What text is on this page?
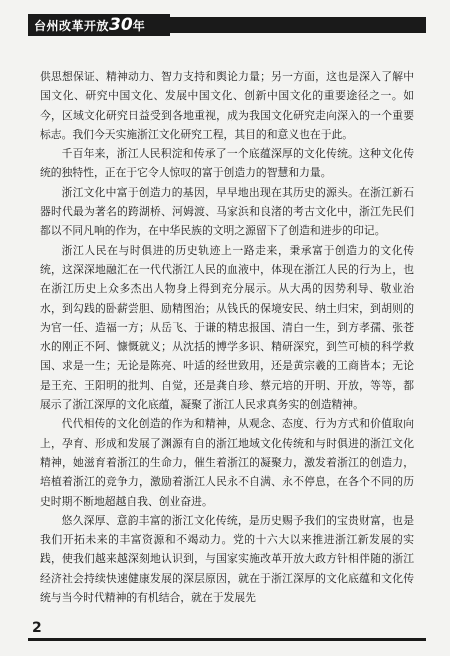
台州改革开放30年

供思想保证、精神动力、智力支持和舆论力量；另一方面，这也是深入了解中国文化、研究中国文化、发展中国文化、创新中国文化的重要途径之一。如今，区域文化研究日益受到各地重视，成为我国文化研究走向深入的一个重要标志。我们今天实施浙江文化研究工程，其目的和意义也在于此。

千百年来，浙江人民积淀和传承了一个底蕴深厚的文化传统。这种文化传统的独特性，正在于它令人惊叹的富于创造力的智慧和力量。

浙江文化中富于创造力的基因，早早地出现在其历史的源头。在浙江新石器时代最为著名的跨湖桥、河姆渡、马家浜和良渚的考古文化中，浙江先民们都以不同凡响的作为，在中华民族的文明之源留下了创造和进步的印记。

浙江人民在与时俱进的历史轨迹上一路走来，秉承富于创造力的文化传统，这深深地融汇在一代代浙江人民的血液中，体现在浙江人民的行为上，也在浙江历史上众多杰出人物身上得到充分展示。从大禹的因势利导、敬业治水，到勾践的卧薪尝胆、励精图治；从钱氏的保境安民、纳土归宋，到胡则的为官一任、造福一方；从岳飞、于谦的精忠报国、清白一生，到方孝孺、张苍水的刚正不阿、慷慨就义；从沈括的博学多识、精研深究，到竺可桢的科学救国、求是一生；无论是陈亮、叶适的经世致用，还是黄宗羲的工商皆本；无论是王充、王阳明的批判、自觉，还是龚自珍、蔡元培的开明、开放，等等，都展示了浙江深厚的文化底蕴，凝聚了浙江人民求真务实的创造精神。

代代相传的文化创造的作为和精神，从观念、态度、行为方式和价值取向上，孕育、形成和发展了渊源有自的浙江地域文化传统和与时俱进的浙江文化精神，她滋育着浙江的生命力，催生着浙江的凝聚力，激发着浙江的创造力，培植着浙江的竞争力，激励着浙江人民永不自满、永不停息，在各个不同的历史时期不断地超越自我、创业奋进。

悠久深厚、意韵丰富的浙江文化传统，是历史赐予我们的宝贵财富，也是我们开拓未来的丰富资源和不竭动力。党的十六大以来推进浙江新发展的实践，使我们越来越深刻地认识到，与国家实施改革开放大政方针相伴随的浙江经济社会持续快速健康发展的深层原因，就在于浙江深厚的文化底蕴和文化传统与当今时代精神的有机结合，就在于发展先

2
